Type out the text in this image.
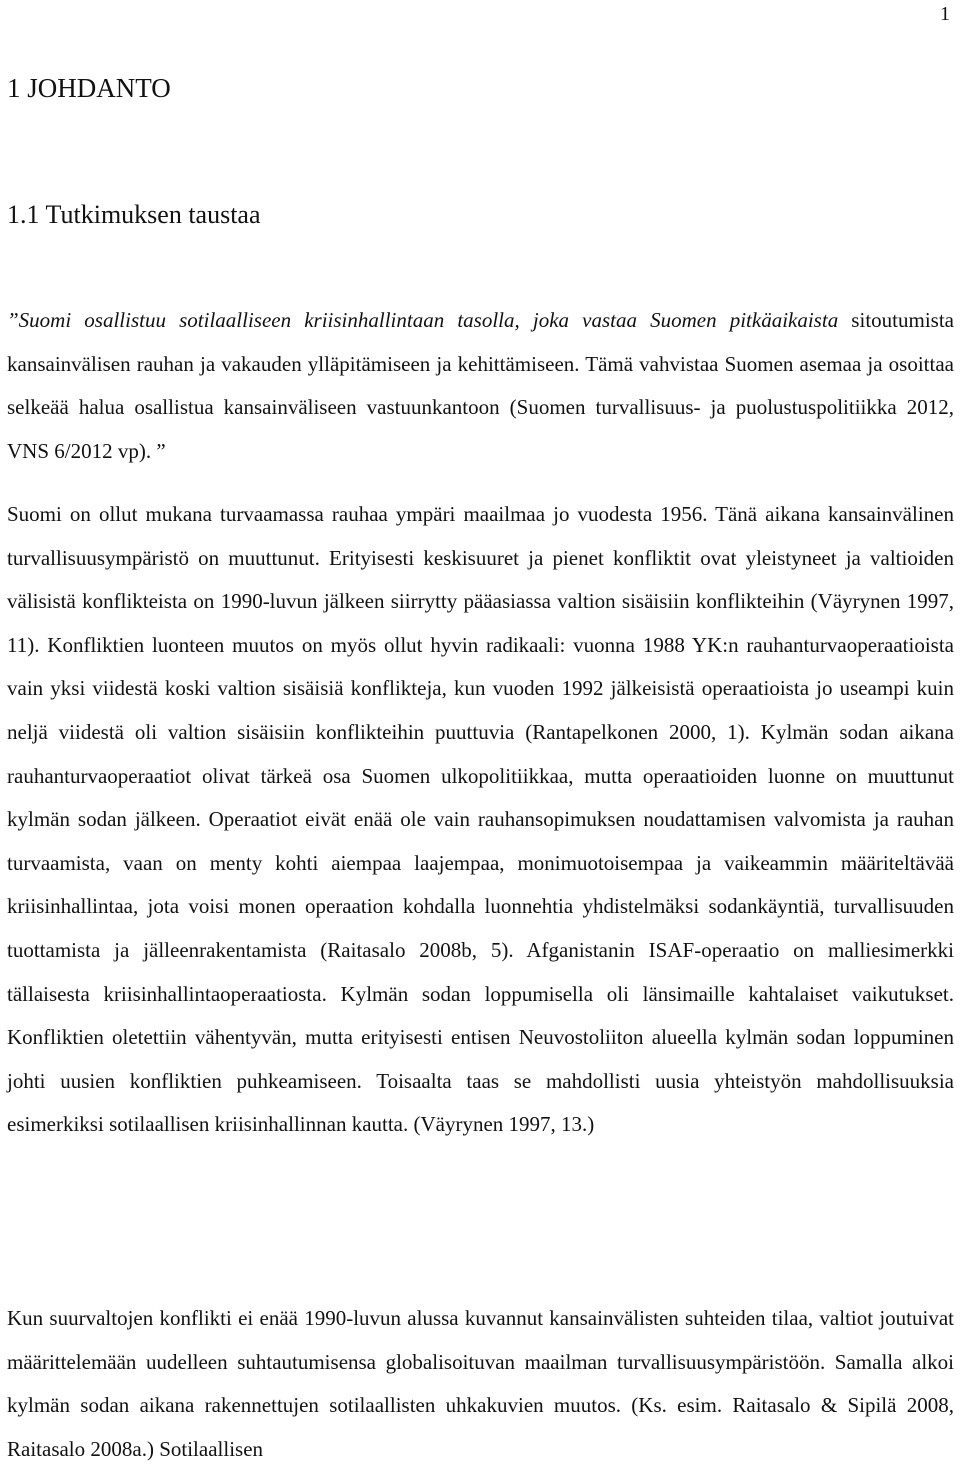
1
1 JOHDANTO
1.1 Tutkimuksen taustaa

”Suomi osallistuu sotilaalliseen kriisinhallintaan tasolla, joka vastaa Suomen pitkäaikaista sitoutumista kansainvälisen rauhan ja vakauden ylläpitämiseen ja kehittämiseen. Tämä vahvistaa Suomen asemaa ja osoittaa selkeää halua osallistua kansainväliseen vastuunkantoon (Suomen turvallisuus- ja puolustuspolitiikka 2012, VNS 6/2012 vp). ”

Suomi on ollut mukana turvaamassa rauhaa ympäri maailmaa jo vuodesta 1956. Tänä aikana kansainvälinen turvallisuusympäristö on muuttunut. Erityisesti keskisuuret ja pienet konfliktit ovat yleistyneet ja valtioiden välisistä konflikteista on 1990-luvun jälkeen siirrytty pääasiassa valtion sisäisiin konflikteihin (Väyrynen 1997, 11). Konfliktien luonteen muutos on myös ollut hyvin radikaali: vuonna 1988 YK:n rauhanturvaoperaatioista vain yksi viidestä koski valtion sisäisiä konflikteja, kun vuoden 1992 jälkeisistä operaatioista jo useampi kuin neljä viidestä oli valtion sisäisiin konflikteihin puuttuvia (Rantapelkonen 2000, 1). Kylmän sodan aikana rauhanturvaoperaatiot olivat tärkeä osa Suomen ulkopolitiikkaa, mutta operaatioiden luonne on muuttunut kylmän sodan jälkeen. Operaatiot eivät enää ole vain rauhansopimuksen noudattamisen valvomista ja rauhan turvaamista, vaan on menty kohti aiempaa laajempaa, monimuotoisempaa ja vaikeammin määriteltävää kriisinhallintaa, jota voisi monen operaation kohdalla luonnehtia yhdistelmäksi sodankäyntiä, turvallisuuden tuottamista ja jälleenrakentamista (Raitasalo 2008b, 5). Afganistanin ISAF-operaatio on malliesimerkki tällaisesta kriisinhallintaoperaatiosta. Kylmän sodan loppumisella oli länsimaille kahtalaiset vaikutukset. Konfliktien oletettiin vähentyvän, mutta erityisesti entisen Neuvostoliiton alueella kylmän sodan loppuminen johti uusien konfliktien puhkeamiseen. Toisaalta taas se mahdollisti uusia yhteistyön mahdollisuuksia esimerkiksi sotilaallisen kriisinhallinnan kautta. (Väyrynen 1997, 13.)

Kun suurvaltojen konflikti ei enää 1990-luvun alussa kuvannut kansainvälisten suhteiden tilaa, valtiot joutuivat määrittelemään uudelleen suhtautumisensa globalisoituvan maailman turvallisuusympäristöön. Samalla alkoi kylmän sodan aikana rakennettujen sotilaallisten uhkakuvien muutos. (Ks. esim. Raitasalo & Sipilä 2008, Raitasalo 2008a.) Sotilaallisen
